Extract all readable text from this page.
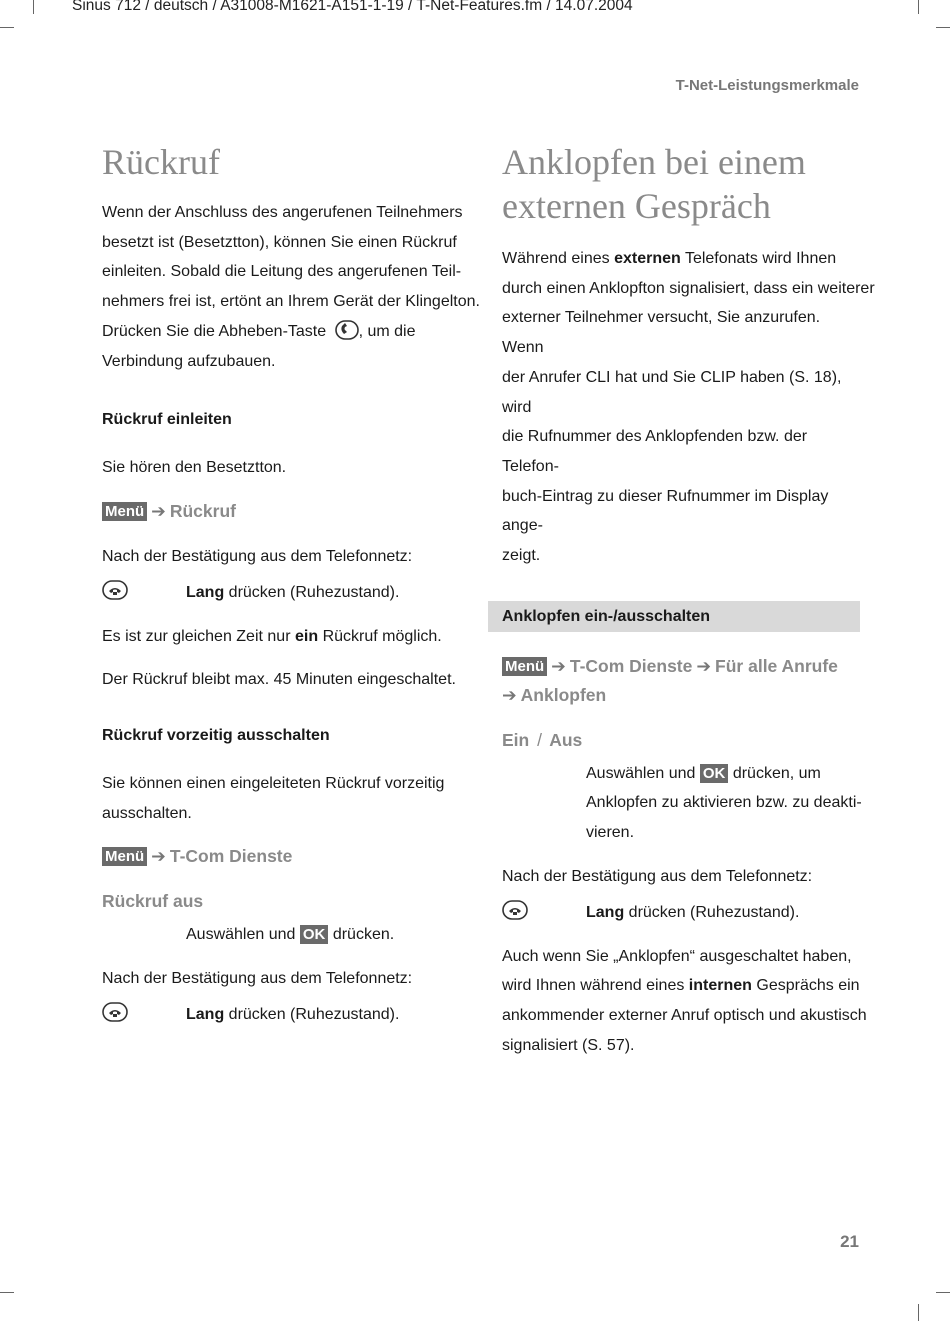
Sinus 712 / deutsch / A31008-M1621-A151-1-19 / T-Net-Features.fm / 14.07.2004
T-Net-Leistungsmerkmale
Rückruf

Wenn der Anschluss des angerufenen Teilnehmers

besetzt ist (Besetztton), können Sie einen Rückruf

einleiten. Sobald die Leitung des angerufenen Teil-

nehmers frei ist, ertönt an Ihrem Gerät der Klingelton.

Drücken Sie die Abheben-Taste , um die

Verbindung aufzubauen.

Rückruf einleiten

Sie hören den Besetztton.

Menü ➔ Rückruf

Nach der Bestätigung aus dem Telefonnetz:

Lang drücken (Ruhezustand).

Es ist zur gleichen Zeit nur ein Rückruf möglich.

Der Rückruf bleibt max. 45 Minuten eingeschaltet.

Rückruf vorzeitig ausschalten

Sie können einen eingeleiteten Rückruf vorzeitig

ausschalten.

Menü ➔ T-Com Dienste
Rückruf aus

Auswählen und OK drücken.

Nach der Bestätigung aus dem Telefonnetz:

Lang drücken (Ruhezustand).
Anklopfen bei einem
externen Gespräch

Während eines externen Telefonats wird Ihnen

durch einen Anklopfton signalisiert, dass ein weiterer

externer Teilnehmer versucht, Sie anzurufen. Wenn

der Anrufer CLI hat und Sie CLIP haben (S. 18), wird

die Rufnummer des Anklopfenden bzw. der Telefon-

buch-Eintrag zu dieser Rufnummer im Display ange-

zeigt.

Anklopfen ein-/ausschalten
Menü ➔ T-Com Dienste ➔ Für alle Anrufe
➔ Anklopfen
Ein / Aus

Auswählen und OK drücken, um

Anklopfen zu aktivieren bzw. zu deakti-

vieren.

Nach der Bestätigung aus dem Telefonnetz:

Lang drücken (Ruhezustand).

Auch wenn Sie „Anklopfen“ ausgeschaltet haben,

wird Ihnen während eines internen Gesprächs ein

ankommender externer Anruf optisch und akustisch

signalisiert (S. 57).

21
